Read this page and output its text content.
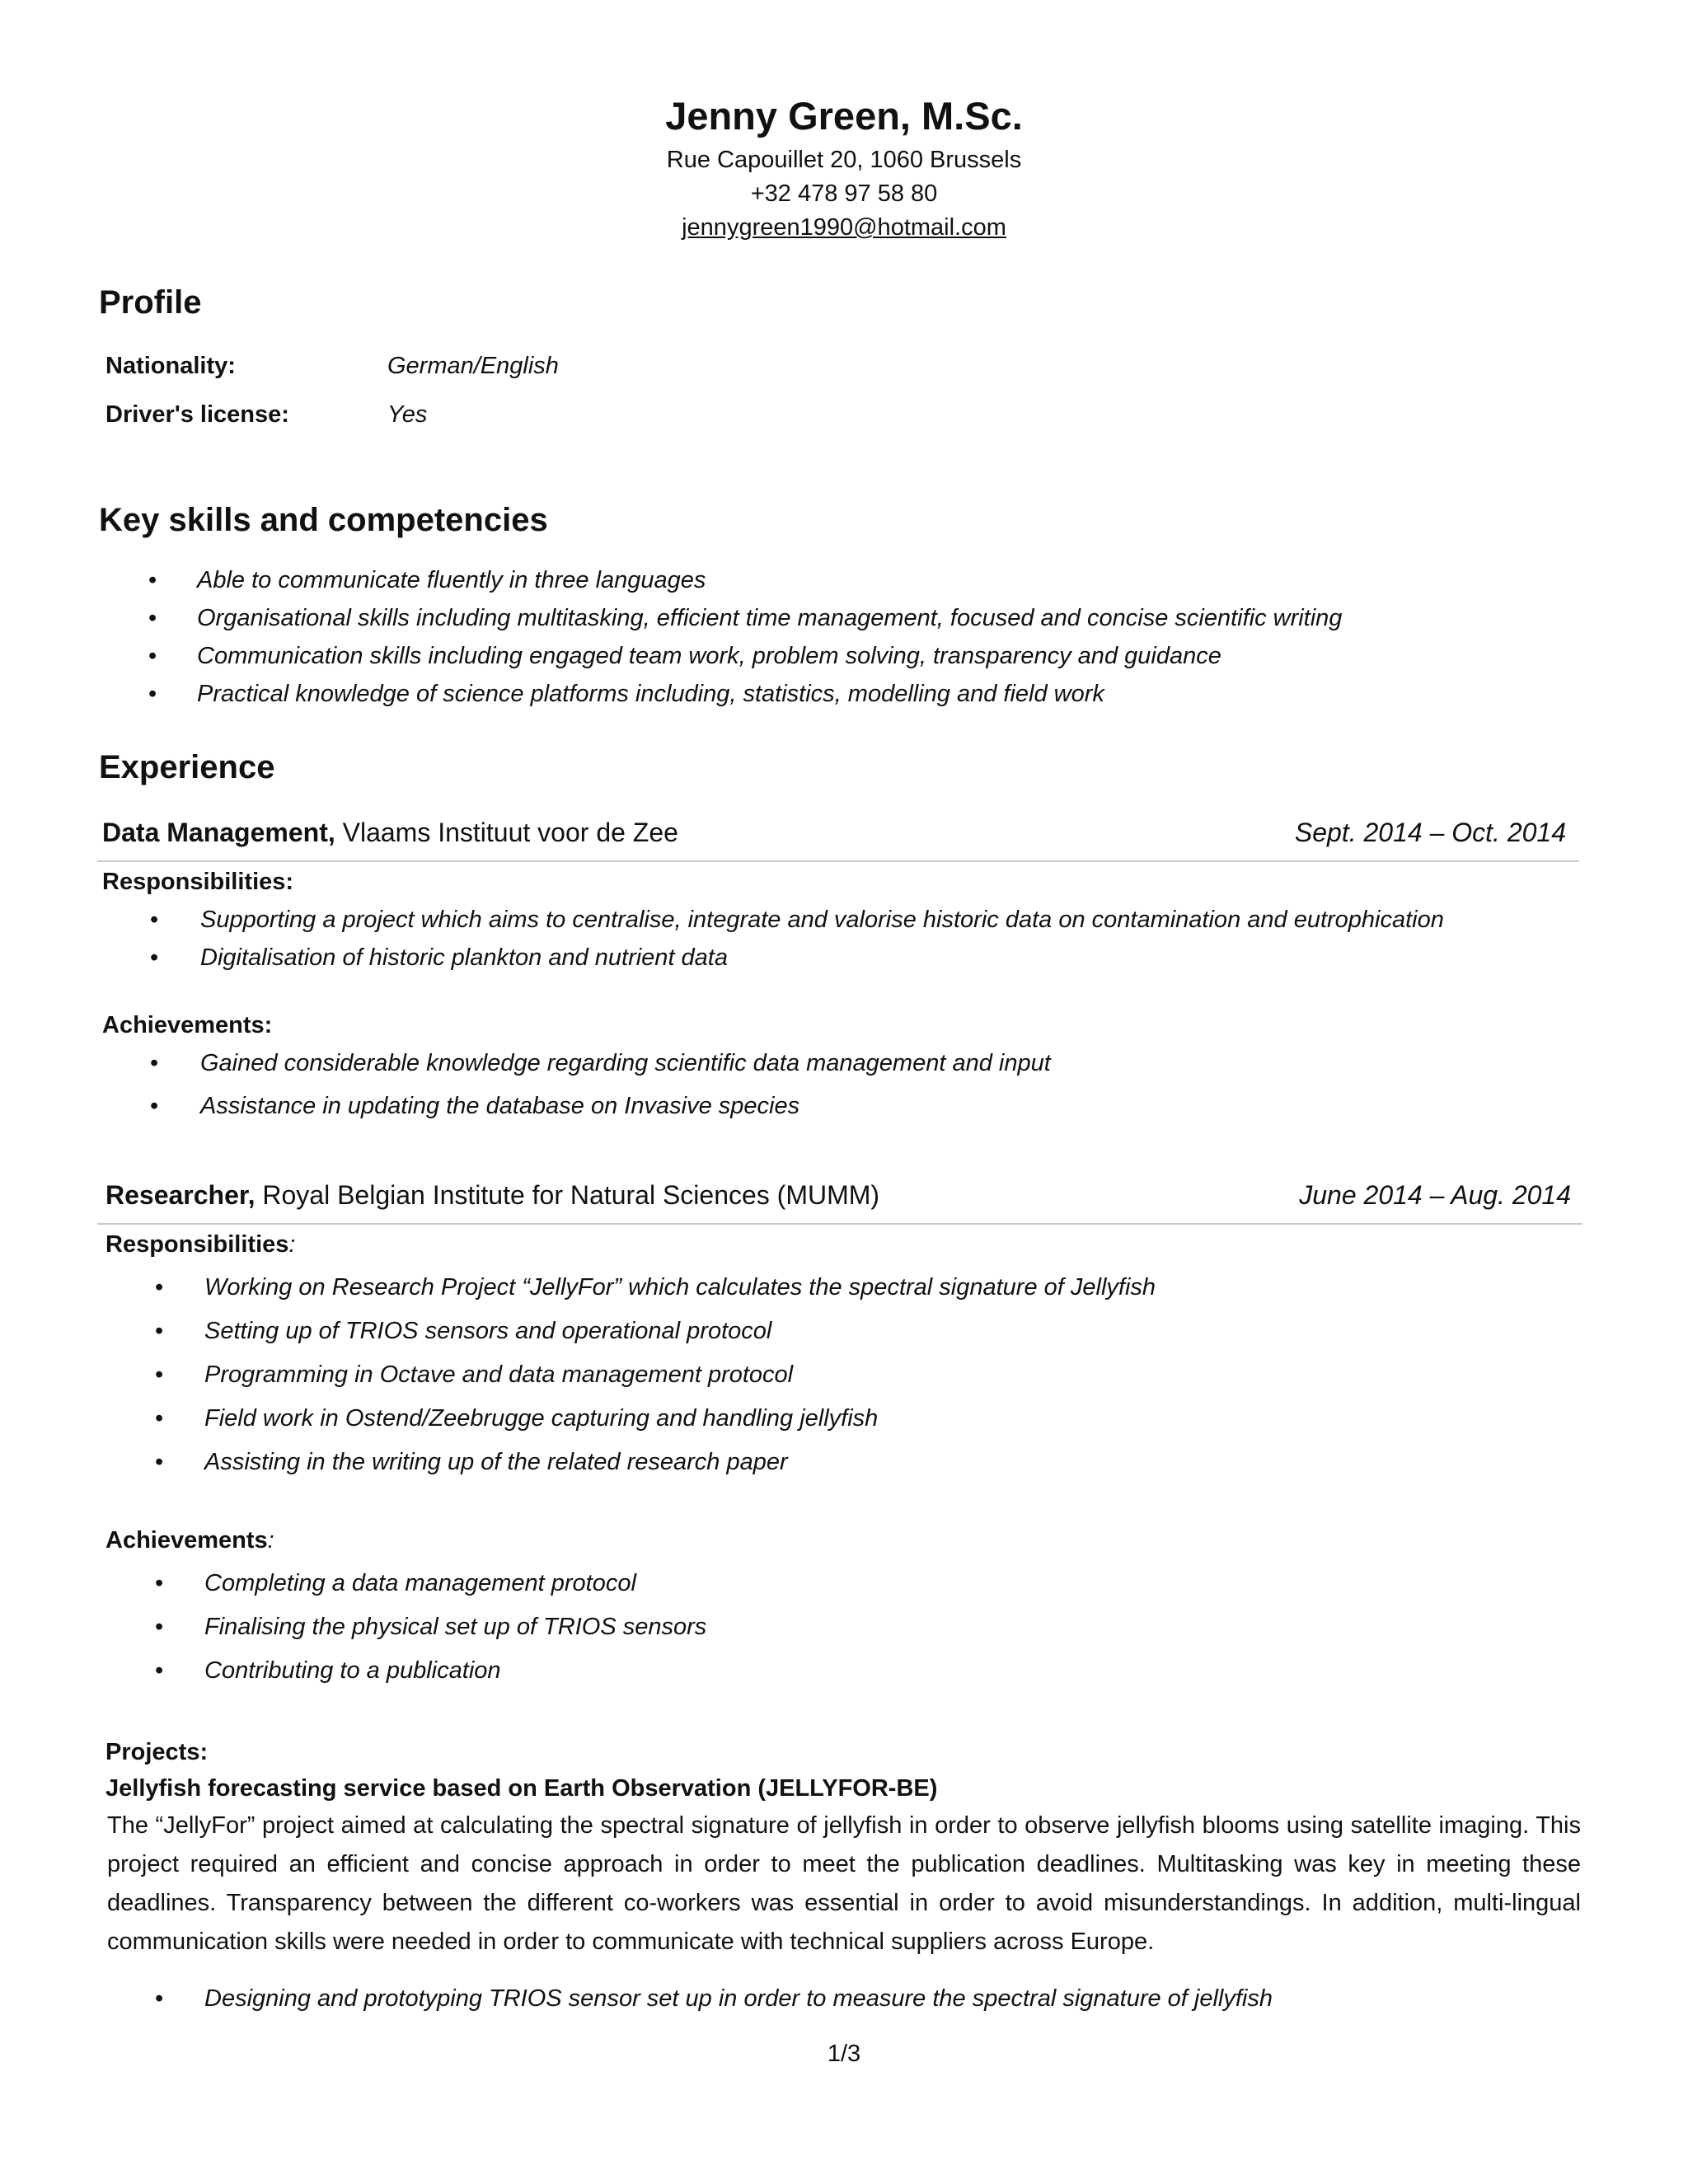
Jenny Green, M.Sc.

Rue Capouillet 20, 1060 Brussels

+32 478 97 58 80

jennygreen1990@hotmail.com

Profile
Nationality:	German/English
Driver's license:	Yes
Key skills and competencies
• Able to communicate fluently in three languages
• Organisational skills including multitasking, efficient time management, focused and concise scientific writing
• Communication skills including engaged team work, problem solving, transparency and guidance
• Practical knowledge of science platforms including, statistics, modelling and field work
Experience
Data Management, Vlaams Instituut voor de Zee	Sept. 2014 – Oct. 2014
Responsibilities:
• Supporting a project which aims to centralise, integrate and valorise historic data on contamination and eutrophication
• Digitalisation of historic plankton and nutrient data
Achievements:
• Gained considerable knowledge regarding scientific data management and input
• Assistance in updating the database on Invasive species
Researcher, Royal Belgian Institute for Natural Sciences (MUMM)	June 2014 – Aug. 2014
Responsibilities:
• Working on Research Project “JellyFor” which calculates the spectral signature of Jellyfish
• Setting up of TRIOS sensors and operational protocol
• Programming in Octave and data management protocol
• Field work in Ostend/Zeebrugge capturing and handling jellyfish
• Assisting in the writing up of the related research paper
Achievements:
• Completing a data management protocol
• Finalising the physical set up of TRIOS sensors
• Contributing to a publication
Projects:
Jellyfish forecasting service based on Earth Observation (JELLYFOR-BE)
The “JellyFor” project aimed at calculating the spectral signature of jellyfish in order to observe jellyfish blooms using satellite imaging. This project required an efficient and concise approach in order to meet the publication deadlines. Multitasking was key in meeting these deadlines. Transparency between the different co-workers was essential in order to avoid misunderstandings. In addition, multi-lingual communication skills were needed in order to communicate with technical suppliers across Europe.
• Designing and prototyping TRIOS sensor set up in order to measure the spectral signature of jellyfish
1/3
